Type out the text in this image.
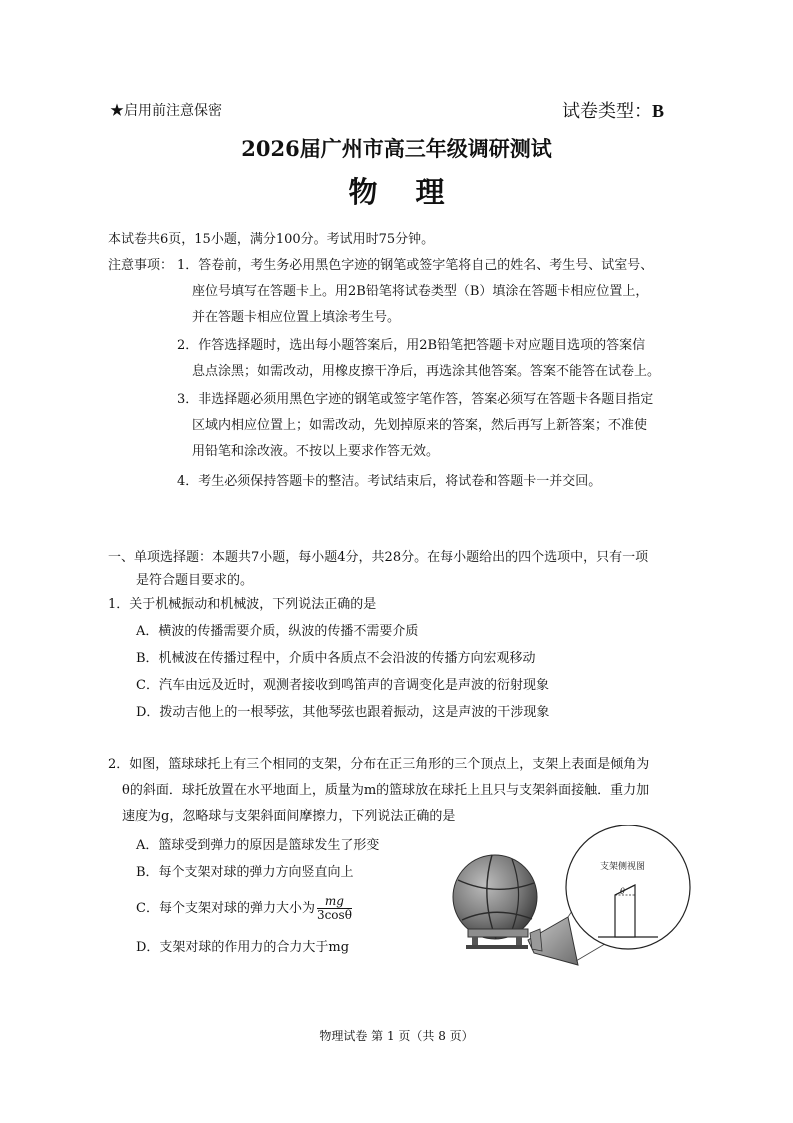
★启用前注意保密	试卷类型：B
2026届广州市高三年级调研测试
物理
本试卷共6页，15小题，满分100分。考试用时75分钟。
注意事项： 1．答卷前，考生务必用黑色字迹的钢笔或签字笔将自己的姓名、考生号、试室号、
座位号填写在答题卡上。用2B铅笔将试卷类型（B）填涂在答题卡相应位置上，
并在答题卡相应位置上填涂考生号。
2．作答选择题时，选出每小题答案后，用2B铅笔把答题卡对应题目选项的答案信
息点涂黑；如需改动，用橡皮擦干净后，再选涂其他答案。答案不能答在试卷上。
3．非选择题必须用黑色字迹的钢笔或签字笔作答，答案必须写在答题卡各题目指定
区域内相应位置上；如需改动，先划掉原来的答案，然后再写上新答案；不准使
用铅笔和涂改液。不按以上要求作答无效。
4．考生必须保持答题卡的整洁。考试结束后，将试卷和答题卡一并交回。
一、单项选择题：本题共7小题，每小题4分，共28分。在每小题给出的四个选项中，只有一项
是符合题目要求的。
1．关于机械振动和机械波，下列说法正确的是
A．横波的传播需要介质，纵波的传播不需要介质
B．机械波在传播过程中，介质中各质点不会沿波的传播方向宏观移动
C．汽车由远及近时，观测者接收到鸣笛声的音调变化是声波的衍射现象
D．拨动吉他上的一根琴弦，其他琴弦也跟着振动，这是声波的干涉现象
2．如图，篮球球托上有三个相同的支架，分布在正三角形的三个顶点上，支架上表面是倾角为
θ的斜面．球托放置在水平地面上，质量为m的篮球放在球托上且只与支架斜面接触．重力加
速度为g，忽略球与支架斜面间摩擦力，下列说法正确的是
A．篮球受到弹力的原因是篮球发生了形变
B．每个支架对球的弹力方向竖直向上
C．每个支架对球的弹力大小为 $\frac{mg}{3\cos\theta}$
D．支架对球的作用力的合力大于mg
支架侧视图
θ
物理试卷 第 1 页（共 8 页）
